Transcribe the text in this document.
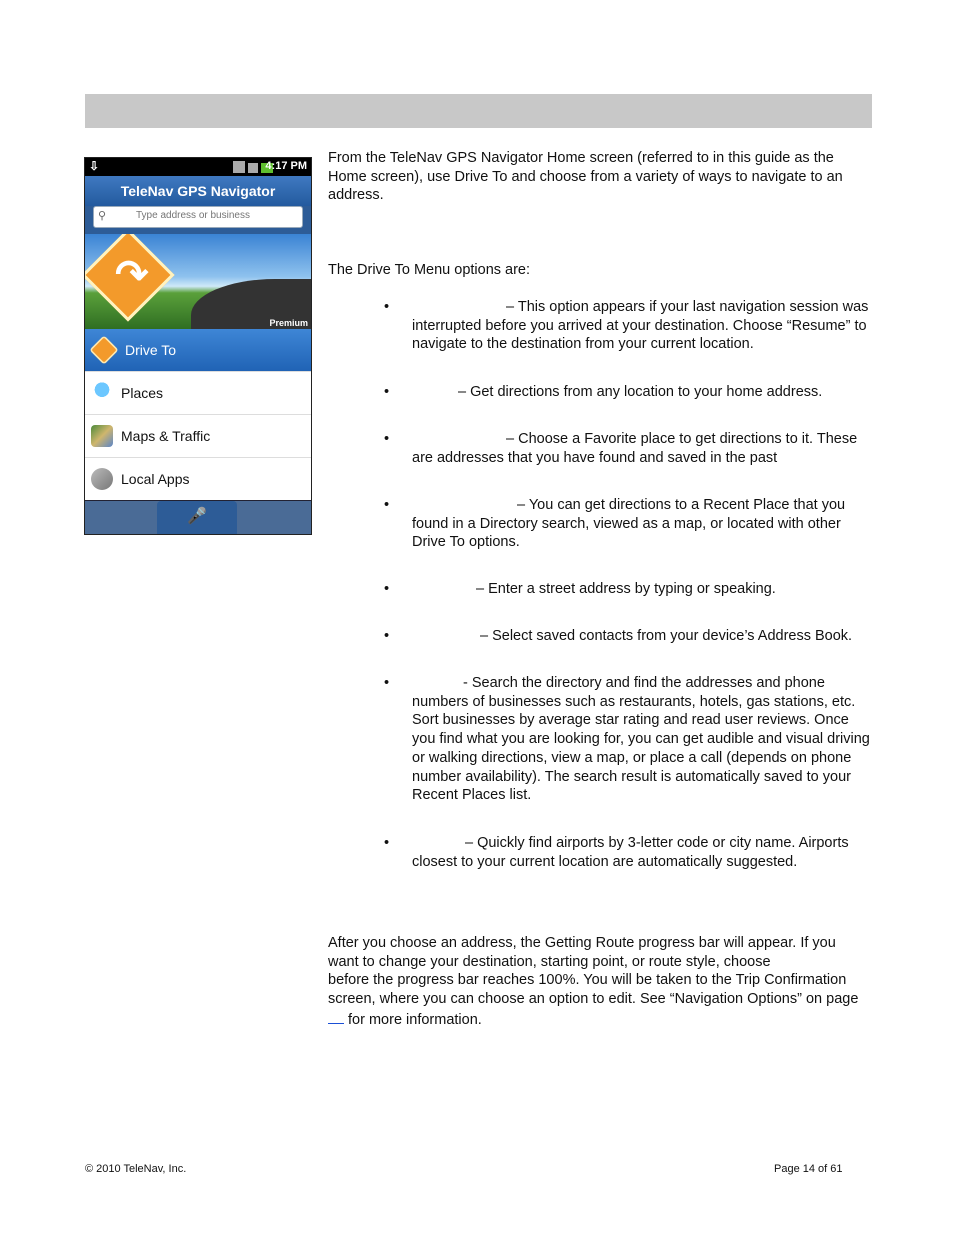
⇩	4:17 PM
TeleNav GPS Navigator
⚲
Type address or business
↷
Premium
Drive To
Places
Maps & Traffic
Local Apps
🎤
From the TeleNav GPS Navigator Home screen (referred to in this guide as the Home screen), use Drive To and choose from a variety of ways to navigate to an address.
The Drive To Menu options are:
•	– This option appears if your last navigation session was interrupted before you arrived at your destination. Choose “Resume” to navigate to the destination from your current location.
•	– Get directions from any location to your home address.
•	– Choose a Favorite place to get directions to it. These are addresses that you have found and saved in the past
•	– You can get directions to a Recent Place that you found in a Directory search, viewed as a map, or located with other Drive To options.
•	– Enter a street address by typing or speaking.
•	– Select saved contacts from your device’s Address Book.
•	- Search the directory and find the addresses and phone numbers of businesses such as restaurants, hotels, gas stations, etc. Sort businesses by average star rating and read user reviews. Once you find what you are looking for, you can get audible and visual driving or walking directions, view a map, or place a call (depends on phone number availability). The search result is automatically saved to your Recent Places list.
•	– Quickly find airports by 3-letter code or city name. Airports closest to your current location are automatically suggested.
After you choose an address, the Getting Route progress bar will appear. If you
want to change your destination, starting point, or route style, choose
before the progress bar reaches 100%. You will be taken to the Trip Confirmation
screen, where you can choose an option to edit. See “Navigation Options” on page
for more information.
© 2010 TeleNav, Inc.	Page 14 of 61
